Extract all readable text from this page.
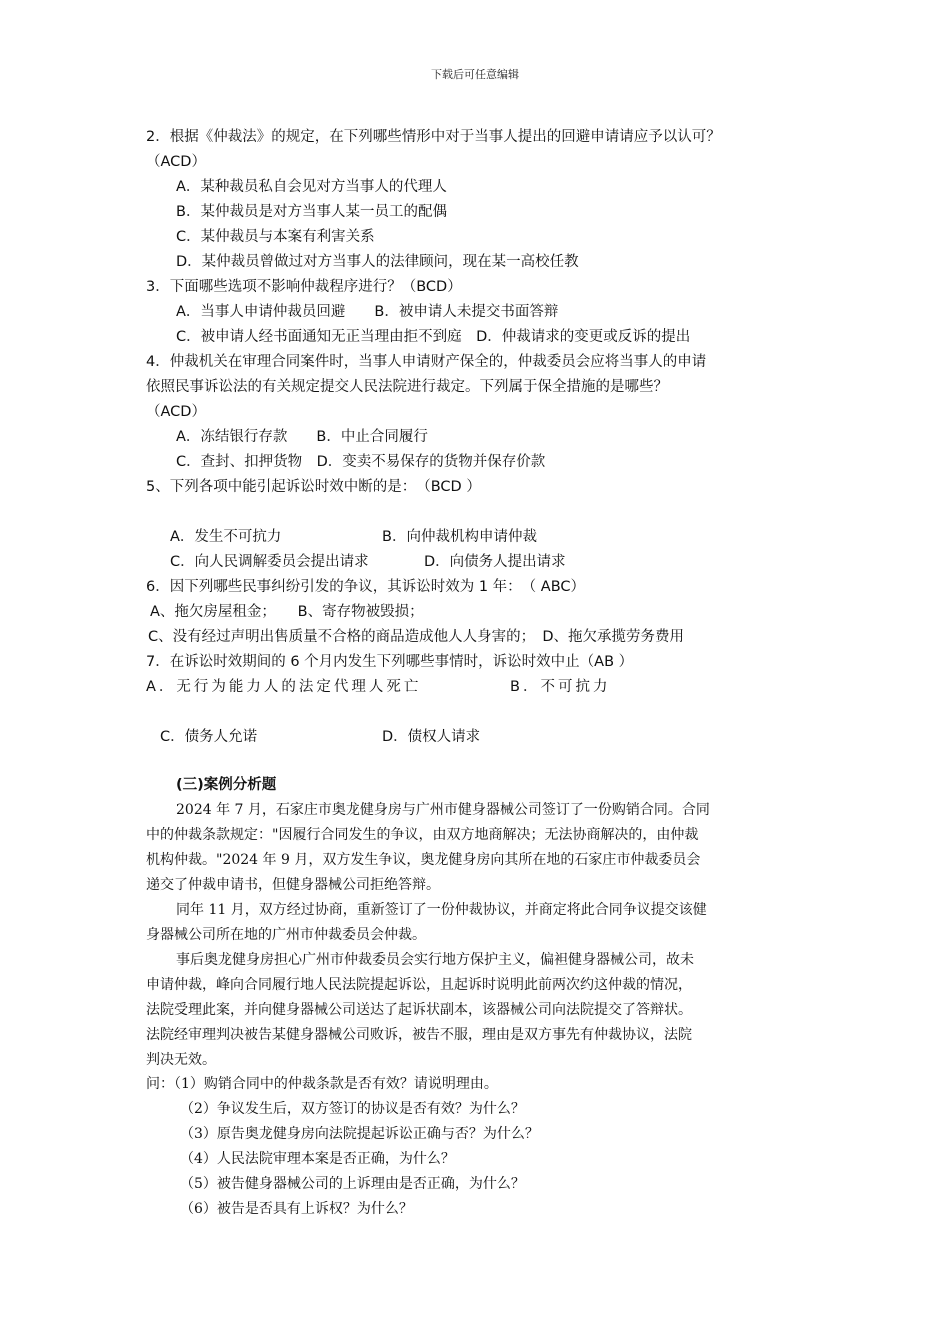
下载后可任意编辑
2．根据《仲裁法》的规定，在下列哪些情形中对于当事人提出的回避申请请应予以认可？
（ACD）
A．某种裁员私自会见对方当事人的代理人
B．某仲裁员是对方当事人某一员工的配偶
C．某仲裁员与本案有利害关系
D．某仲裁员曾做过对方当事人的法律顾问，现在某一高校任教
3．下面哪些选项不影响仲裁程序进行？（BCD）
A．当事人申请仲裁员回避　　B．被申请人未提交书面答辩
C．被申请人经书面通知无正当理由拒不到庭　D．仲裁请求的变更或反诉的提出
4．仲裁机关在审理合同案件时，当事人申请财产保全的，仲裁委员会应将当事人的申请
依照民事诉讼法的有关规定提交人民法院进行裁定。下列属于保全措施的是哪些？
（ACD）
A．冻结银行存款　　B．中止合同履行
C．查封、扣押货物　D．变卖不易保存的货物并保存价款
5、下列各项中能引起诉讼时效中断的是：　（BCD ）
A．发生不可抗力	B．向仲裁机构申请仲裁
C．向人民调解委员会提出请求	D．向债务人提出请求
6．因下列哪些民事纠纷引发的争议，其诉讼时效为 1 年：　（ ABC）
A、拖欠房屋租金；　　B、寄存物被毁损；
C、没有经过声明出售质量不合格的商品造成他人人身害的；　D、拖欠承揽劳务费用
7．在诉讼时效期间的 6 个月内发生下列哪些事情时，诉讼时效中止（AB ）
A．无行为能力人的法定代理人死亡	B．不可抗力
C．债务人允诺	D．债权人请求
(三)案例分析题
2024 年 7 月，石家庄市奥龙健身房与广州市健身器械公司签订了一份购销合同。合同
中的仲裁条款规定："因履行合同发生的争议，由双方地商解决；无法协商解决的，由仲裁
机构仲裁。"2024 年 9 月，双方发生争议，奥龙健身房向其所在地的石家庄市仲裁委员会
递交了仲裁申请书，但健身器械公司拒绝答辩。
同年 11 月，双方经过协商，重新签订了一份仲裁协议，并商定将此合同争议提交该健
身器械公司所在地的广州市仲裁委员会仲裁。
事后奥龙健身房担心广州市仲裁委员会实行地方保护主义，偏袒健身器械公司，故未
申请仲裁，峰向合同履行地人民法院提起诉讼，且起诉时说明此前两次约这仲裁的情况，
法院受理此案，并向健身器械公司送达了起诉状副本，该器械公司向法院提交了答辩状。
法院经审理判决被告某健身器械公司败诉，被告不服，理由是双方事先有仲裁协议，法院
判决无效。
问：（1）购销合同中的仲裁条款是否有效？请说明理由。
（2）争议发生后，双方签订的协议是否有效？为什么？
（3）原告奥龙健身房向法院提起诉讼正确与否？为什么？
（4）人民法院审理本案是否正确，为什么？
（5）被告健身器械公司的上诉理由是否正确，为什么？
（6）被告是否具有上诉权？为什么？
